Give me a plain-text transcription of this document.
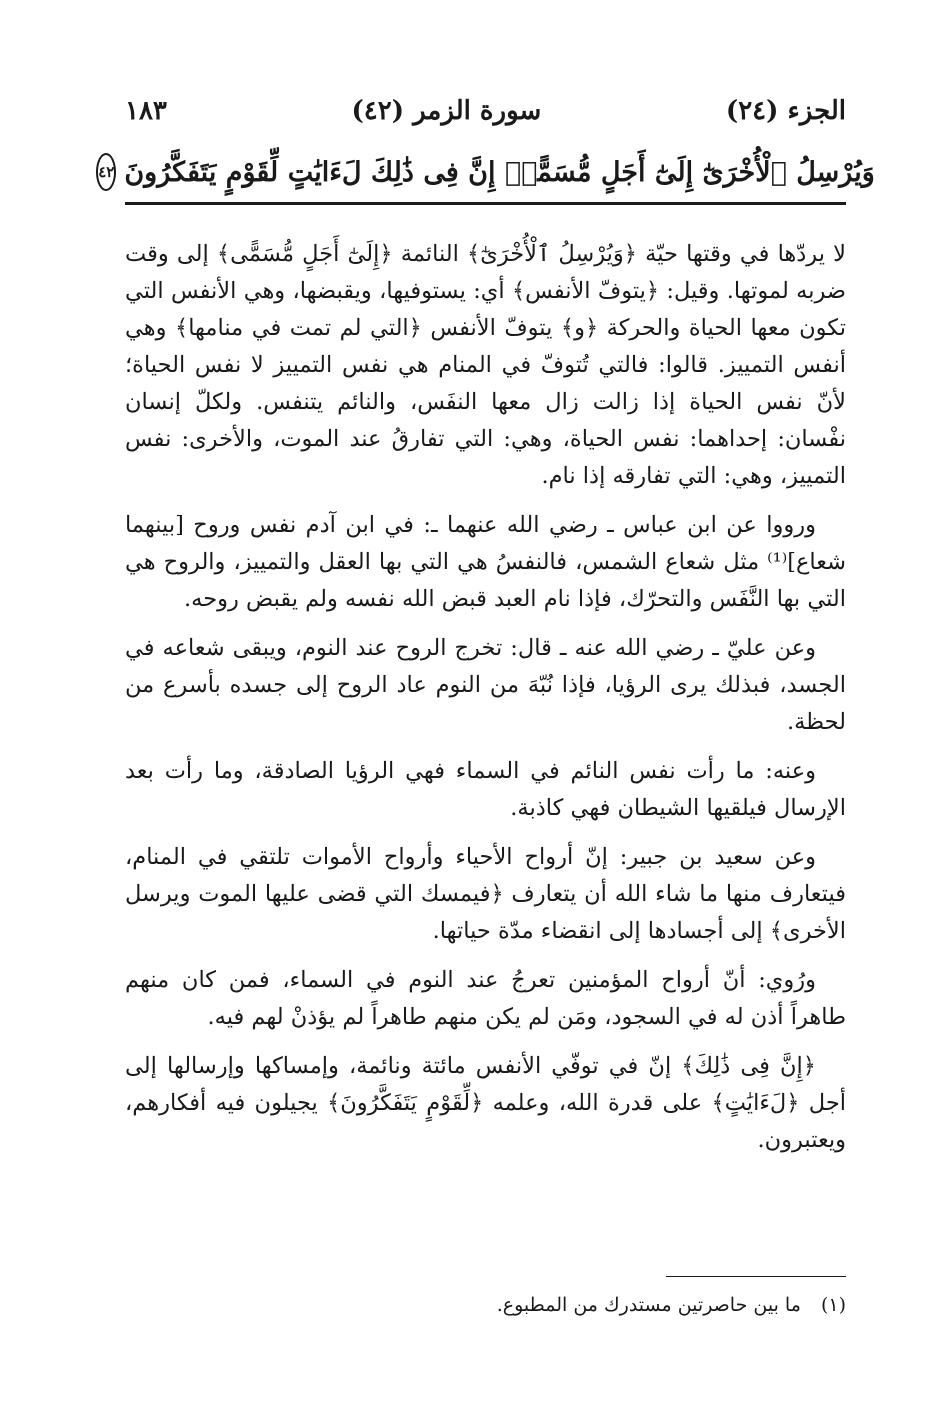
الجزء (٢٤)
سورة الزمر (٤٢)
١٨٣
وَيُرْسِلُ ٱلْأُخْرَىٰٓ إِلَىٰٓ أَجَلٍ مُّسَمًّىۚ إِنَّ فِى ذَٰلِكَ لَءَايَٰتٍ لِّقَوْمٍ يَتَفَكَّرُونَ
٤٢

لا يردّها في وقتها حيّة ﴿وَيُرْسِلُ ٱلْأُخْرَىٰٓ﴾ النائمة ﴿إِلَىٰٓ أَجَلٍ مُّسَمًّى﴾ إلى وقت ضربه لموتها. وقيل: ﴿يتوفّ الأنفس﴾ أي: يستوفيها، ويقبضها، وهي الأنفس التي تكون معها الحياة والحركة ﴿و﴾ يتوفّ الأنفس ﴿التي لم تمت في منامها﴾ وهي أنفس التمييز. قالوا: فالتي تُتوفّ في المنام هي نفس التمييز لا نفس الحياة؛ لأنّ نفس الحياة إذا زالت زال معها النفَس، والنائم يتنفس. ولكلّ إنسان نفْسان: إحداهما: نفس الحياة، وهي: التي تفارقُ عند الموت، والأخرى: نفس التمييز، وهي: التي تفارقه إذا نام.

ورووا عن ابن عباس ـ رضي الله عنهما ـ: في ابن آدم نفس وروح [بينهما شعاع]⁽¹⁾ مثل شعاع الشمس، فالنفسُ هي التي بها العقل والتمييز، والروح هي التي بها النَّفَس والتحرّك، فإذا نام العبد قبض الله نفسه ولم يقبض روحه.

وعن عليّ ـ رضي الله عنه ـ قال: تخرج الروح عند النوم، ويبقى شعاعه في الجسد، فبذلك يرى الرؤيا، فإذا نُبّهَ من النوم عاد الروح إلى جسده بأسرع من لحظة.

وعنه: ما رأت نفس النائم في السماء فهي الرؤيا الصادقة، وما رأت بعد الإرسال فيلقيها الشيطان فهي كاذبة.

وعن سعيد بن جبير: إنّ أرواح الأحياء وأرواح الأموات تلتقي في المنام، فيتعارف منها ما شاء الله أن يتعارف ﴿فيمسك التي قضى عليها الموت ويرسل الأخرى﴾ إلى أجسادها إلى انقضاء مدّة حياتها.

ورُوي: أنّ أرواح المؤمنين تعرجُ عند النوم في السماء، فمن كان منهم طاهراً أذن له في السجود، ومَن لم يكن منهم طاهراً لم يؤذنْ لهم فيه.

﴿إِنَّ فِى ذَٰلِكَ﴾ إنّ في توفّي الأنفس مائتة ونائمة، وإمساكها وإرسالها إلى أجل ﴿لَءَايَٰتٍ﴾ على قدرة الله، وعلمه ﴿لِّقَوْمٍ يَتَفَكَّرُونَ﴾ يجيلون فيه أفكارهم، ويعتبرون.

(١) ما بين حاصرتين مستدرك من المطبوع.
